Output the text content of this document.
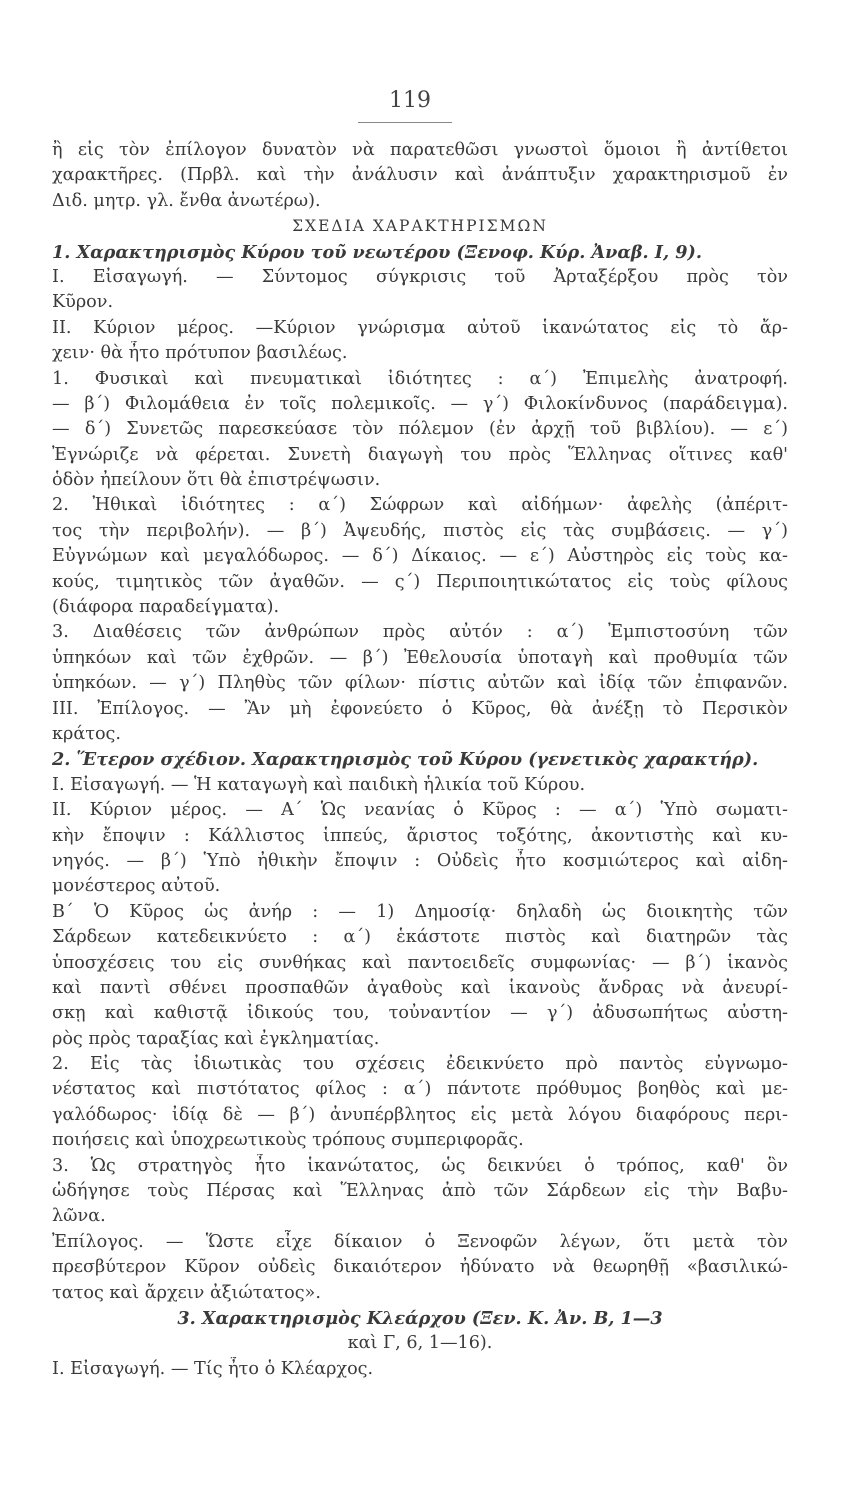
119
ἢ εἰς τὸν ἐπίλογον δυνατὸν νὰ παρατεθῶσι γνωστοὶ ὅμοιοι ἢ ἀντίθετοι
χαρακτῆρες. (Πρβλ. καὶ τὴν ἀνάλυσιν καὶ ἀνάπτυξιν χαρακτηρισμοῦ ἐν
Διδ. μητρ. γλ. ἔνθα ἀνωτέρω).
ΣΧΕΔΙΑ ΧΑΡΑΚΤΗΡΙΣΜΩΝ
1. Χαρακτηρισμὸς Κύρου τοῦ νεωτέρου (Ξενοφ. Κύρ. Ἀναβ. Ι, 9).
Ι. Εἰσαγωγή. — Σύντομος σύγκρισις τοῦ Ἀρταξέρξου πρὸς τὸν
Κῦρον.
ΙΙ. Κύριον μέρος. —Κύριον γνώρισμα αὐτοῦ ἱκανώτατος εἰς τὸ ἄρ-
χειν· θὰ ἦτο πρότυπον βασιλέως.
1. Φυσικαὶ καὶ πνευματικαὶ ἰδιότητες : α΄) Ἐπιμελὴς ἀνατροφή.
— β΄) Φιλομάθεια ἐν τοῖς πολεμικοῖς. — γ΄) Φιλοκίνδυνος (παράδειγμα).
— δ΄) Συνετῶς παρεσκεύασε τὸν πόλεμον (ἐν ἀρχῇ τοῦ βιβλίου). — ε΄)
Ἐγνώριζε νὰ φέρεται. Συνετὴ διαγωγὴ του πρὸς Ἕλληνας οἵτινες καθ'
ὁδὸν ἠπείλουν ὅτι θὰ ἐπιστρέψωσιν.
2. Ἠθικαὶ ἰδιότητες : α΄) Σώφρων καὶ αἰδήμων· ἀφελὴς (ἀπέριτ-
τος τὴν περιβολήν). — β΄) Ἀψευδής, πιστὸς εἰς τὰς συμβάσεις. — γ΄)
Εὐγνώμων καὶ μεγαλόδωρος. — δ΄) Δίκαιος. — ε΄) Αὐστηρὸς εἰς τοὺς κα-
κούς, τιμητικὸς τῶν ἀγαθῶν. — ς΄) Περιποιητικώτατος εἰς τοὺς φίλους
(διάφορα παραδείγματα).
3. Διαθέσεις τῶν ἀνθρώπων πρὸς αὐτόν : α΄) Ἐμπιστοσύνη τῶν
ὑπηκόων καὶ τῶν ἐχθρῶν. — β΄) Ἐθελουσία ὑποταγὴ καὶ προθυμία τῶν
ὑπηκόων. — γ΄) Πληθὺς τῶν φίλων· πίστις αὐτῶν καὶ ἰδίᾳ τῶν ἐπιφανῶν.
ΙΙΙ. Ἐπίλογος. — Ἂν μὴ ἐφονεύετο ὁ Κῦρος, θὰ ἀνέξῃ τὸ Περσικὸν
κράτος.
2. Ἕτερον σχέδιον. Χαρακτηρισμὸς τοῦ Κύρου (γενετικὸς χαρακτήρ).
Ι. Εἰσαγωγή. — Ἡ καταγωγὴ καὶ παιδικὴ ἡλικία τοῦ Κύρου.
ΙΙ. Κύριον μέρος. — Α΄ Ὡς νεανίας ὁ Κῦρος : — α΄) Ὑπὸ σωματι-
κὴν ἔποψιν : Κάλλιστος ἱππεύς, ἄριστος τοξότης, ἀκοντιστὴς καὶ κυ-
νηγός. — β΄) Ὑπὸ ἠθικὴν ἔποψιν : Οὐδεὶς ἦτο κοσμιώτερος καὶ αἰδη-
μονέστερος αὐτοῦ.
Β΄ Ὁ Κῦρος ὡς ἀνήρ : — 1) Δημοσίᾳ· δηλαδὴ ὡς διοικητὴς τῶν
Σάρδεων κατεδεικνύετο : α΄) ἑκάστοτε πιστὸς καὶ διατηρῶν τὰς
ὑποσχέσεις του εἰς συνθήκας καὶ παντοειδεῖς συμφωνίας· — β΄) ἱκανὸς
καὶ παντὶ σθένει προσπαθῶν ἀγαθοὺς καὶ ἱκανοὺς ἄνδρας νὰ ἀνευρί-
σκῃ καὶ καθιστᾷ ἰδικούς του, τοὐναντίον — γ΄) ἀδυσωπήτως αὐστη-
ρὸς πρὸς ταραξίας καὶ ἐγκληματίας.
2. Εἰς τὰς ἰδιωτικὰς του σχέσεις ἐδεικνύετο πρὸ παντὸς εὐγνωμο-
νέστατος καὶ πιστότατος φίλος : α΄) πάντοτε πρόθυμος βοηθὸς καὶ με-
γαλόδωρος· ἰδίᾳ δὲ — β΄) ἀνυπέρβλητος εἰς μετὰ λόγου διαφόρους περι-
ποιήσεις καὶ ὑποχρεωτικοὺς τρόπους συμπεριφορᾶς.
3. Ὡς στρατηγὸς ἦτο ἱκανώτατος, ὡς δεικνύει ὁ τρόπος, καθ' ὃν
ὡδήγησε τοὺς Πέρσας καὶ Ἕλληνας ἀπὸ τῶν Σάρδεων εἰς τὴν Βαβυ-
λῶνα.
Ἐπίλογος. — Ὥστε εἶχε δίκαιον ὁ Ξενοφῶν λέγων, ὅτι μετὰ τὸν
πρεσβύτερον Κῦρον οὐδεὶς δικαιότερον ἠδύνατο νὰ θεωρηθῇ «βασιλικώ-
τατος καὶ ἄρχειν ἀξιώτατος».
3. Χαρακτηρισμὸς Κλεάρχου (Ξεν. Κ. Ἀν. Β, 1—3
καὶ Γ, 6, 1—16).
Ι. Εἰσαγωγή. — Τίς ἦτο ὁ Κλέαρχος.
